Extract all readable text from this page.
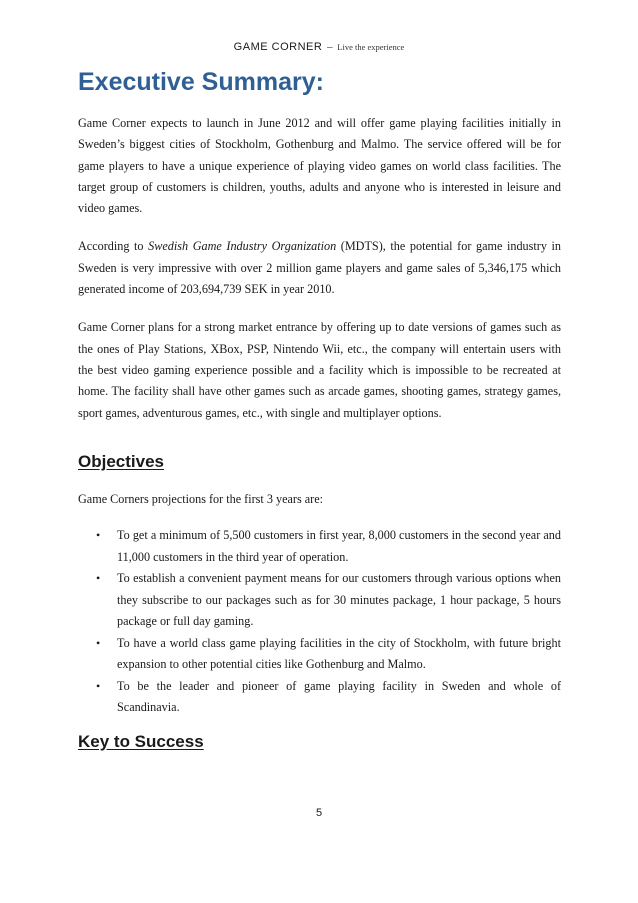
GAME CORNER – Live the experience
Executive Summary:

Game Corner expects to launch in June 2012 and will offer game playing facilities initially in Sweden’s biggest cities of Stockholm, Gothenburg and Malmo. The service offered will be for game players to have a unique experience of playing video games on world class facilities. The target group of customers is children, youths, adults and anyone who is interested in leisure and video games.

According to Swedish Game Industry Organization (MDTS), the potential for game industry in Sweden is very impressive with over 2 million game players and game sales of 5,346,175 which generated income of 203,694,739 SEK in year 2010.

Game Corner plans for a strong market entrance by offering up to date versions of games such as the ones of Play Stations, XBox, PSP, Nintendo Wii, etc., the company will entertain users with the best video gaming experience possible and a facility which is impossible to be recreated at home. The facility shall have other games such as arcade games, shooting games, strategy games, sport games, adventurous games, etc., with single and multiplayer options.

Objectives

Game Corners projections for the first 3 years are:

• To get a minimum of 5,500 customers in first year, 8,000 customers in the second year and 11,000 customers in the third year of operation.
• To establish a convenient payment means for our customers through various options when they subscribe to our packages such as for 30 minutes package, 1 hour package, 5 hours package or full day gaming.
• To have a world class game playing facilities in the city of Stockholm, with future bright expansion to other potential cities like Gothenburg and Malmo.
• To be the leader and pioneer of game playing facility in Sweden and whole of Scandinavia.
Key to Success
5
